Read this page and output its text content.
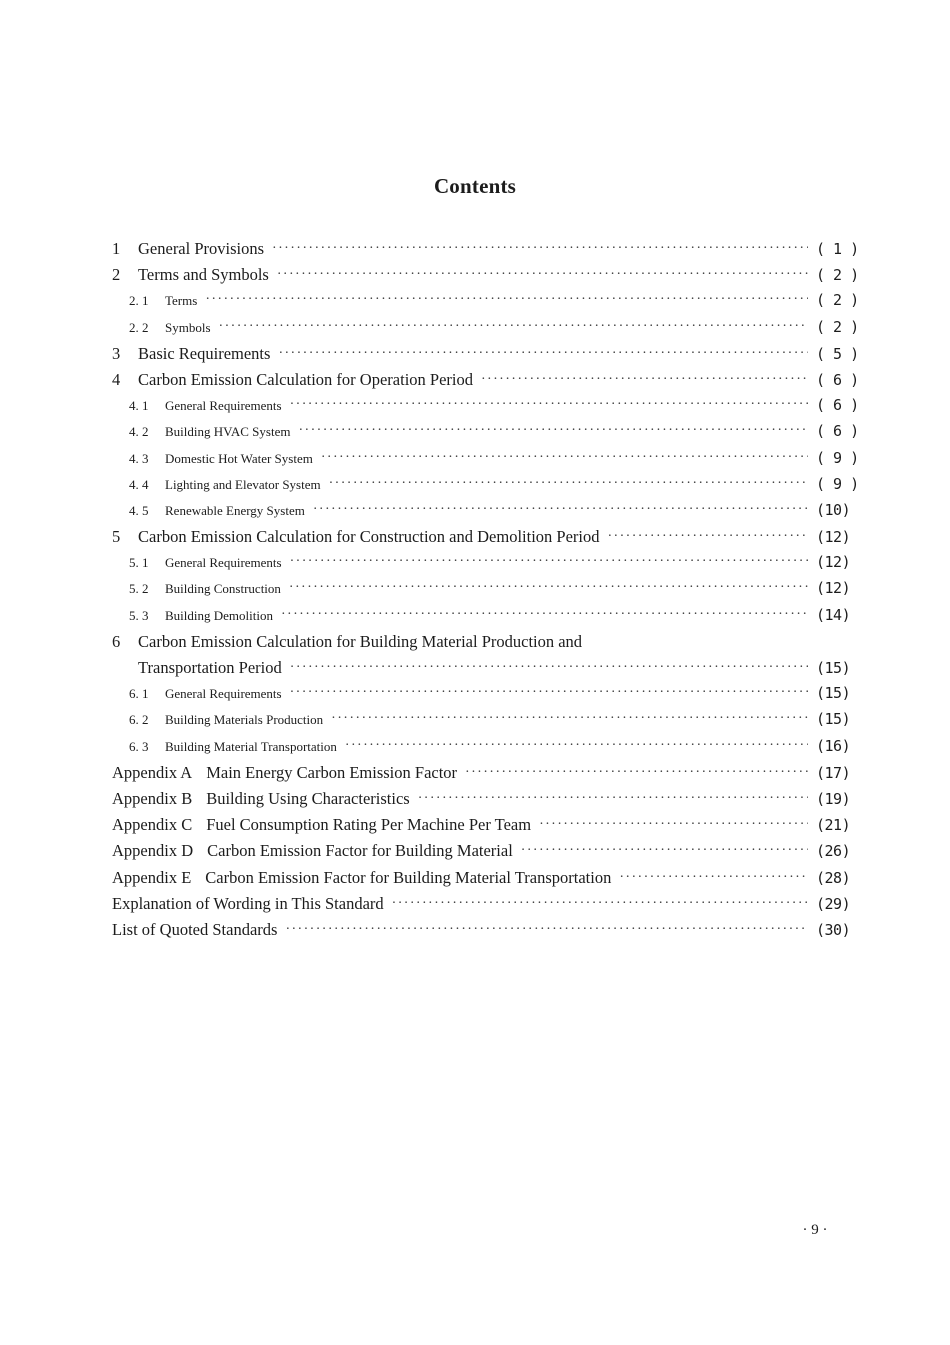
Contents
1	General Provisions ·····	( 1 )
2	Terms and Symbols ·····	( 2 )
2. 1	Terms ·····	( 2 )
2. 2	Symbols ·····	( 2 )
3	Basic Requirements ·····	( 5 )
4	Carbon Emission Calculation for Operation Period ·····	( 6 )
4. 1	General Requirements ·····	( 6 )
4. 2	Building HVAC System ·····	( 6 )
4. 3	Domestic Hot Water System ·····	( 9 )
4. 4	Lighting and Elevator System ·····	( 9 )
4. 5	Renewable Energy System ·····	(10)
5	Carbon Emission Calculation for Construction and Demolition Period ·····	(12)
5. 1	General Requirements ·····	(12)
5. 2	Building Construction ·····	(12)
5. 3	Building Demolition ·····	(14)
6	Carbon Emission Calculation for Building Material Production and
Transportation Period ·····	(15)
6. 1	General Requirements ·····	(15)
6. 2	Building Materials Production ·····	(15)
6. 3	Building Material Transportation ·····	(16)
Appendix A Main Energy Carbon Emission Factor ·····	(17)
Appendix B Building Using Characteristics ·····	(19)
Appendix C Fuel Consumption Rating Per Machine Per Team ·····	(21)
Appendix D Carbon Emission Factor for Building Material ·····	(26)
Appendix E Carbon Emission Factor for Building Material Transportation ·····	(28)
Explanation of Wording in This Standard ·····	(29)
List of Quoted Standards ·····	(30)
· 9 ·
